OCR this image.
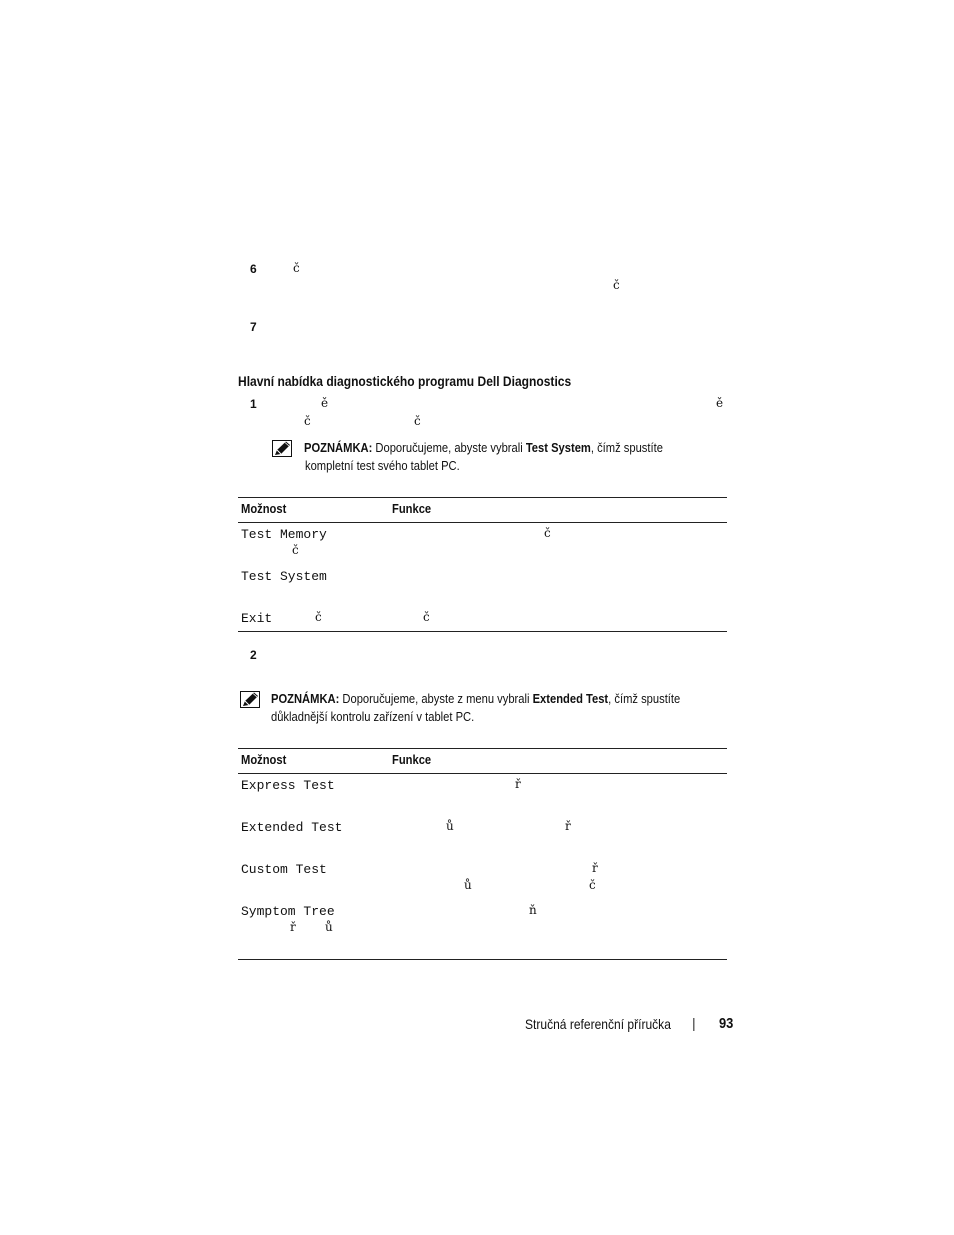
6	č
č
7
Hlavní nabídka diagnostického programu Dell Diagnostics
1	ě	ě
č	č
POZNÁMKA: Doporučujeme, abyste vybrali Test System, čímž spustíte
kompletní test svého tablet PC.
Možnost	Funkce
Test Memory	č
č
Test System
Exit	č	č
2
POZNÁMKA: Doporučujeme, abyste z menu vybrali Extended Test, čímž spustíte
důkladnější kontrolu zařízení v tablet PC.
Možnost	Funkce
Express Test	ř
Extended Test	ů	ř
Custom Test	ř
ů	č
Symptom Tree	ň
ř ů
Stručná referenční příručka | 93
